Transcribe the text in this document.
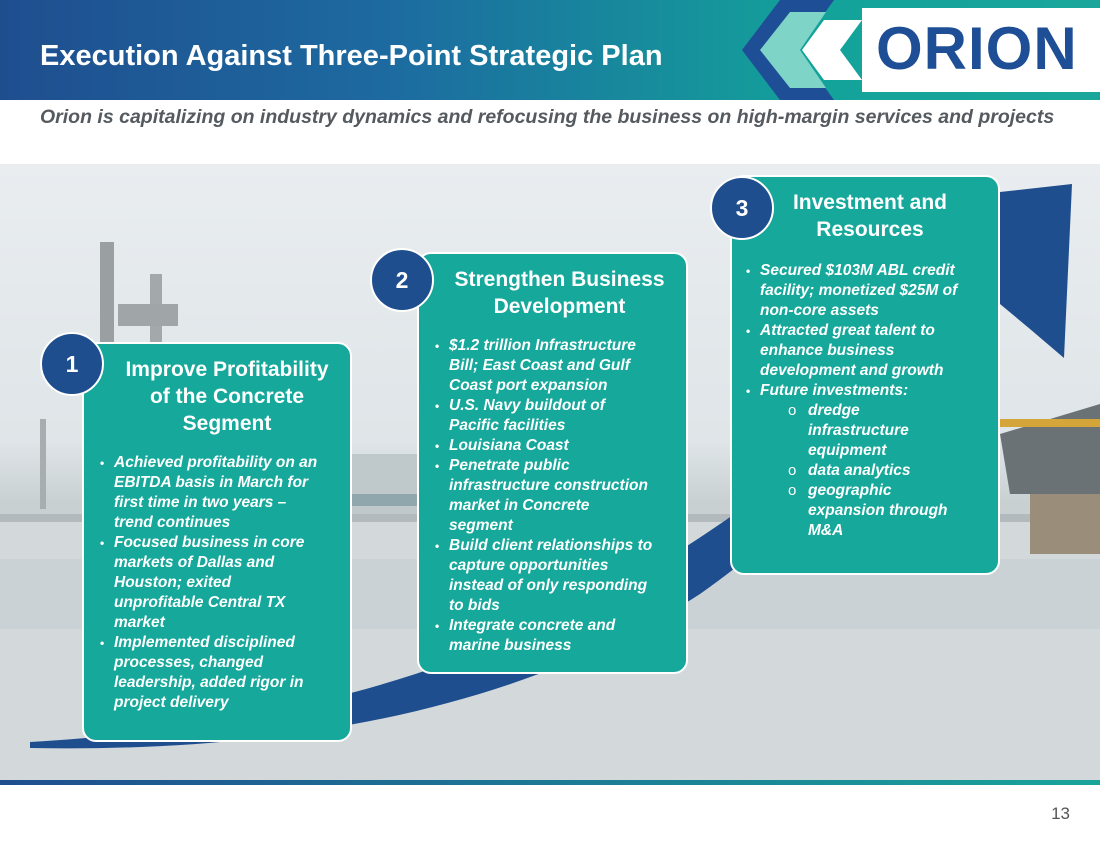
Execution Against Three-Point Strategic Plan	ORION
Orion is capitalizing on industry dynamics and refocusing the business on high-margin services and projects
Improve Profitability
of the Concrete
Segment
• Achieved profitability on an
EBITDA basis in March for
first time in two years –
trend continues
• Focused business in core
markets of Dallas and
Houston; exited
unprofitable Central TX
market
• Implemented disciplined
processes, changed
leadership, added rigor in
project delivery
1
Strengthen Business
Development
• $1.2 trillion Infrastructure
Bill; East Coast and Gulf
Coast port expansion
• U.S. Navy buildout of
Pacific facilities
• Louisiana Coast
• Penetrate public
infrastructure construction
market in Concrete
segment
• Build client relationships to
capture opportunities
instead of only responding
to bids
• Integrate concrete and
marine business
2
Investment and
Resources
• Secured $103M ABL credit
facility; monetized $25M of
non-core assets
• Attracted great talent to
enhance business
development and growth
• Future investments:
o dredge
infrastructure
equipment
o data analytics
o geographic
expansion through
M&A
3
13
